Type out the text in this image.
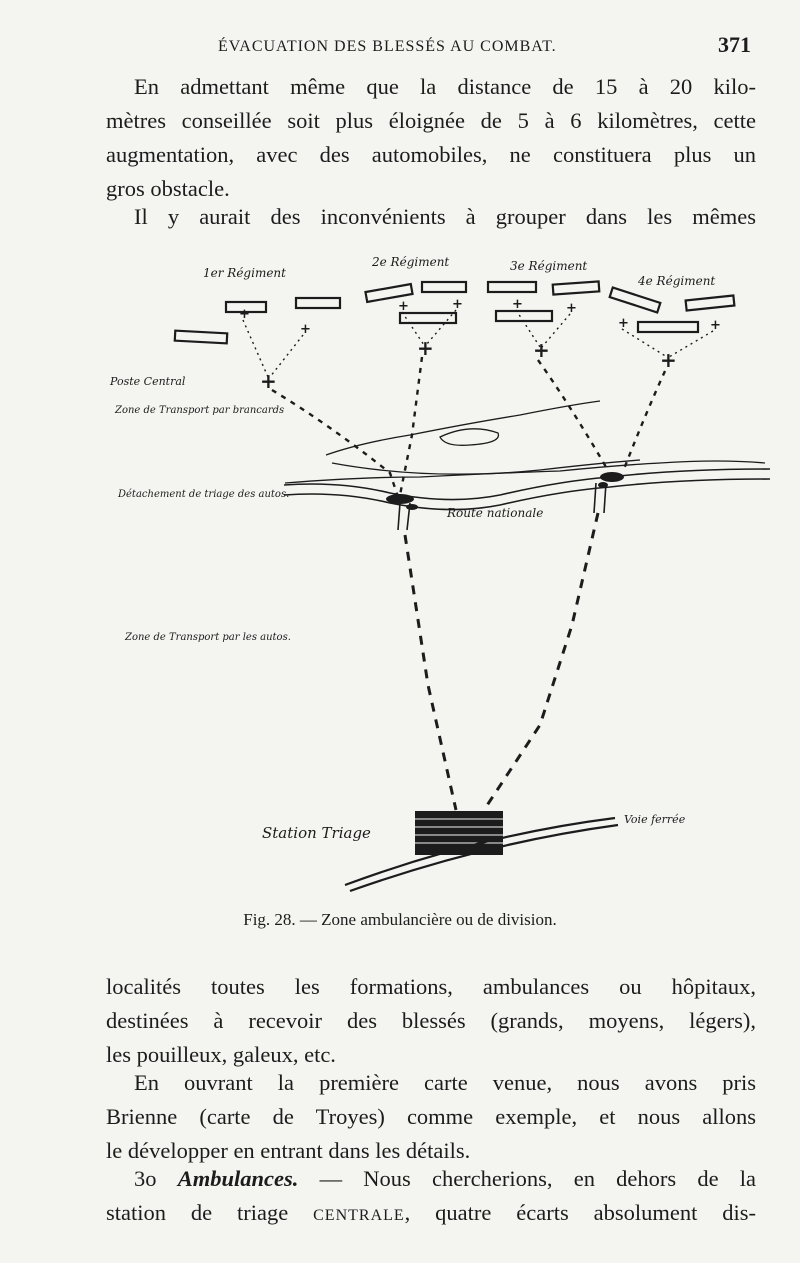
ÉVACUATION DES BLESSÉS AU COMBAT.	371

En admettant même que la distance de 15 à 20 kilo-
mètres conseillée soit plus éloignée de 5 à 6 kilomètres, cette
augmentation, avec des automobiles, ne constituera plus un
gros obstacle.

Il y aurait des inconvénients à grouper dans les mêmes

1er Régiment
2e Régiment	3e Régiment
4e Régiment
+
+
+	+	+	+
+	+
+
+	+	+
Poste Central
Zone de Transport par brancards
Détachement de triage des autos.
Route nationale
Zone de Transport par les autos.
Station Triage
Voie ferrée
Fig. 28. — Zone ambulancière ou de division.

localités toutes les formations, ambulances ou hôpitaux,
destinées à recevoir des blessés (grands, moyens, légers),
les pouilleux, galeux, etc.

En ouvrant la première carte venue, nous avons pris
Brienne (carte de Troyes) comme exemple, et nous allons
le développer en entrant dans les détails.

3o Ambulances. — Nous chercherions, en dehors de la
station de triage centrale, quatre écarts absolument dis-
